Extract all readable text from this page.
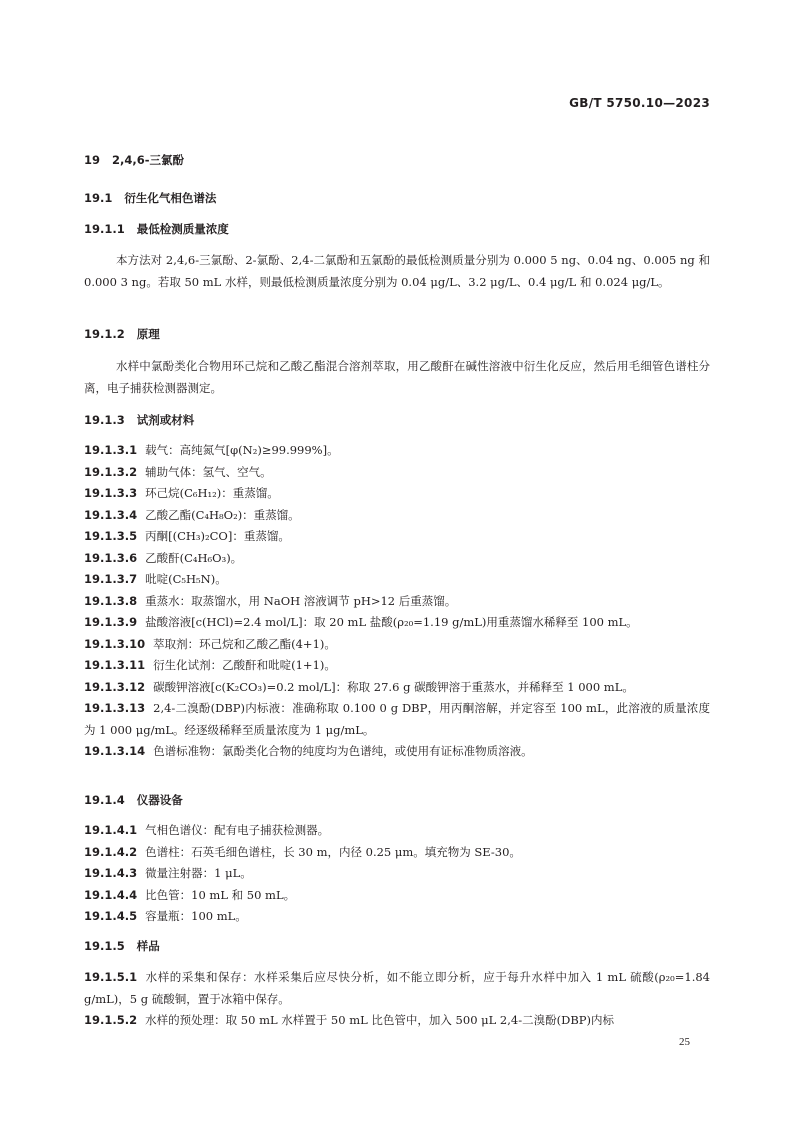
GB/T 5750.10—2023
19 2,4,6-三氯酚
19.1 衍生化气相色谱法
19.1.1 最低检测质量浓度
本方法对 2,4,6-三氯酚、2-氯酚、2,4-二氯酚和五氯酚的最低检测质量分别为 0.000 5 ng、0.04 ng、0.005 ng 和 0.000 3 ng。若取 50 mL 水样，则最低检测质量浓度分别为 0.04 μg/L、3.2 μg/L、0.4 μg/L 和 0.024 μg/L。
19.1.2 原理
水样中氯酚类化合物用环己烷和乙酸乙酯混合溶剂萃取，用乙酸酐在碱性溶液中衍生化反应，然后用毛细管色谱柱分离，电子捕获检测器测定。
19.1.3 试剂或材料
19.1.3.1 载气：高纯氮气[φ(N₂)≥99.999%]。
19.1.3.2 辅助气体：氢气、空气。
19.1.3.3 环己烷(C₆H₁₂)：重蒸馏。
19.1.3.4 乙酸乙酯(C₄H₈O₂)：重蒸馏。
19.1.3.5 丙酮[(CH₃)₂CO]：重蒸馏。
19.1.3.6 乙酸酐(C₄H₆O₃)。
19.1.3.7 吡啶(C₅H₅N)。
19.1.3.8 重蒸水：取蒸馏水，用 NaOH 溶液调节 pH>12 后重蒸馏。
19.1.3.9 盐酸溶液[c(HCl)=2.4 mol/L]：取 20 mL 盐酸(ρ₂₀=1.19 g/mL)用重蒸馏水稀释至 100 mL。
19.1.3.10 萃取剂：环己烷和乙酸乙酯(4+1)。
19.1.3.11 衍生化试剂：乙酸酐和吡啶(1+1)。
19.1.3.12 碳酸钾溶液[c(K₂CO₃)=0.2 mol/L]：称取 27.6 g 碳酸钾溶于重蒸水，并稀释至 1 000 mL。
19.1.3.13 2,4-二溴酚(DBP)内标液：准确称取 0.100 0 g DBP，用丙酮溶解，并定容至 100 mL，此溶液的质量浓度为 1 000 μg/mL。经逐级稀释至质量浓度为 1 μg/mL。
19.1.3.14 色谱标准物：氯酚类化合物的纯度均为色谱纯，或使用有证标准物质溶液。
19.1.4 仪器设备
19.1.4.1 气相色谱仪：配有电子捕获检测器。
19.1.4.2 色谱柱：石英毛细色谱柱，长 30 m，内径 0.25 μm。填充物为 SE-30。
19.1.4.3 微量注射器：1 μL。
19.1.4.4 比色管：10 mL 和 50 mL。
19.1.4.5 容量瓶：100 mL。
19.1.5 样品
19.1.5.1 水样的采集和保存：水样采集后应尽快分析，如不能立即分析，应于每升水样中加入 1 mL 硫酸(ρ₂₀=1.84 g/mL)，5 g 硫酸铜，置于冰箱中保存。
19.1.5.2 水样的预处理：取 50 mL 水样置于 50 mL 比色管中，加入 500 μL 2,4-二溴酚(DBP)内标
25
